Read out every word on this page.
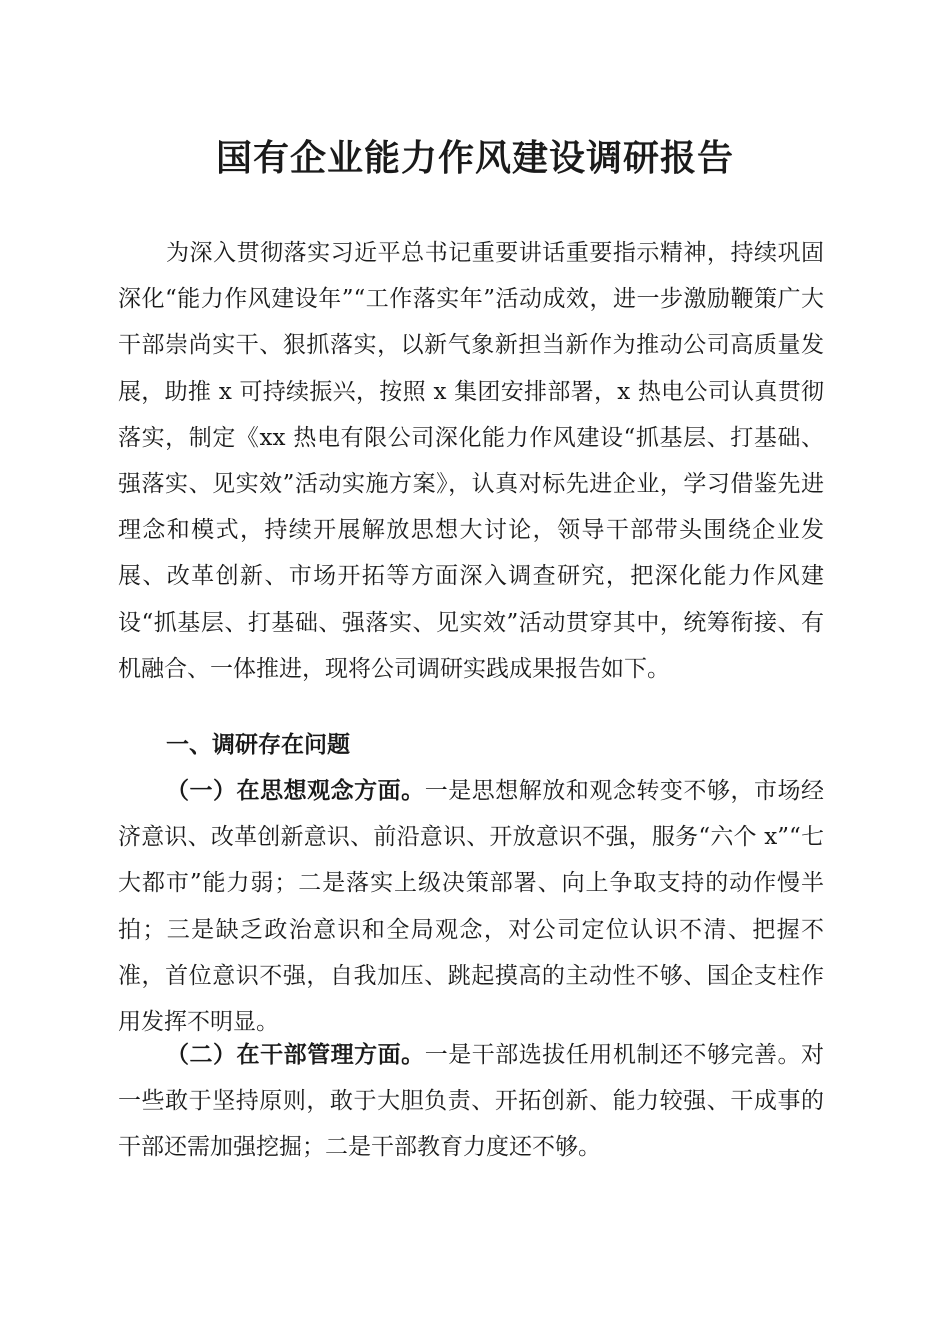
国有企业能力作风建设调研报告

为深入贯彻落实习近平总书记重要讲话重要指示精神，持续巩固深化“能力作风建设年”“工作落实年”活动成效，进一步激励鞭策广大干部崇尚实干、狠抓落实，以新气象新担当新作为推动公司高质量发展，助推 x 可持续振兴，按照 x 集团安排部署，x 热电公司认真贯彻落实，制定《xx 热电有限公司深化能力作风建设“抓基层、打基础、强落实、见实效”活动实施方案》，认真对标先进企业，学习借鉴先进理念和模式，持续开展解放思想大讨论，领导干部带头围绕企业发展、改革创新、市场开拓等方面深入调查研究，把深化能力作风建设“抓基层、打基础、强落实、见实效”活动贯穿其中，统筹衔接、有机融合、一体推进，现将公司调研实践成果报告如下。

一、调研存在问题

（一）在思想观念方面。一是思想解放和观念转变不够，市场经济意识、改革创新意识、前沿意识、开放意识不强，服务“六个 x”“七大都市”能力弱；二是落实上级决策部署、向上争取支持的动作慢半拍；三是缺乏政治意识和全局观念，对公司定位认识不清、把握不准，首位意识不强，自我加压、跳起摸高的主动性不够、国企支柱作用发挥不明显。

（二）在干部管理方面。一是干部选拔任用机制还不够完善。对一些敢于坚持原则，敢于大胆负责、开拓创新、能力较强、干成事的干部还需加强挖掘；二是干部教育力度还不够。
